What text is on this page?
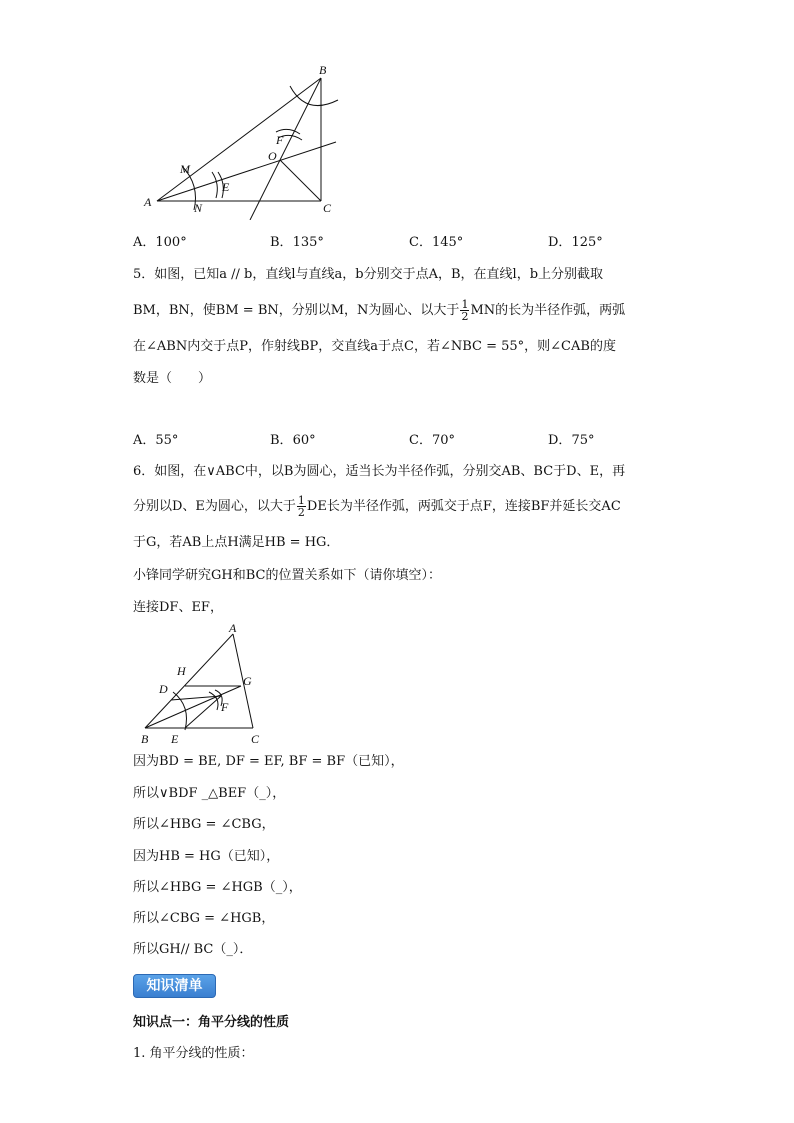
A
B
C
M
N
E
O
F
A．100°	B．135°	C．145°	D．125°
5．如图，已知a // b，直线l与直线a，b分别交于点A，B，在直线l，b上分别截取
BM，BN，使BM = BN，分别以M，N为圆心、以大于 $\frac{1}{2}$ MN的长为半径作弧，两弧
在∠ABN内交于点P，作射线BP，交直线a于点C，若∠NBC = 55°，则∠CAB的度
数是（　　）
A．55°	B．60°	C．70°	D．75°
6．如图，在∨ABC中，以B为圆心，适当长为半径作弧，分别交AB、BC于D、E，再
分别以D、E为圆心，以大于 $\frac{1}{2}$ DE长为半径作弧，两弧交于点F，连接BF并延长交AC
于G，若AB上点H满足HB = HG．
小锋同学研究GH和BC的位置关系如下（请你填空）：
连接DF、EF，
A
H
G
D
F
B E	C
因为BD = BE, DF = EF, BF = BF（已知），
所以∨BDF _△BEF（_），
所以∠HBG = ∠CBG，
因为HB = HG（已知），
所以∠HBG = ∠HGB（_），
所以∠CBG = ∠HGB，
所以GH// BC（_）．
知识清单
知识点一：角平分线的性质
1. 角平分线的性质：
